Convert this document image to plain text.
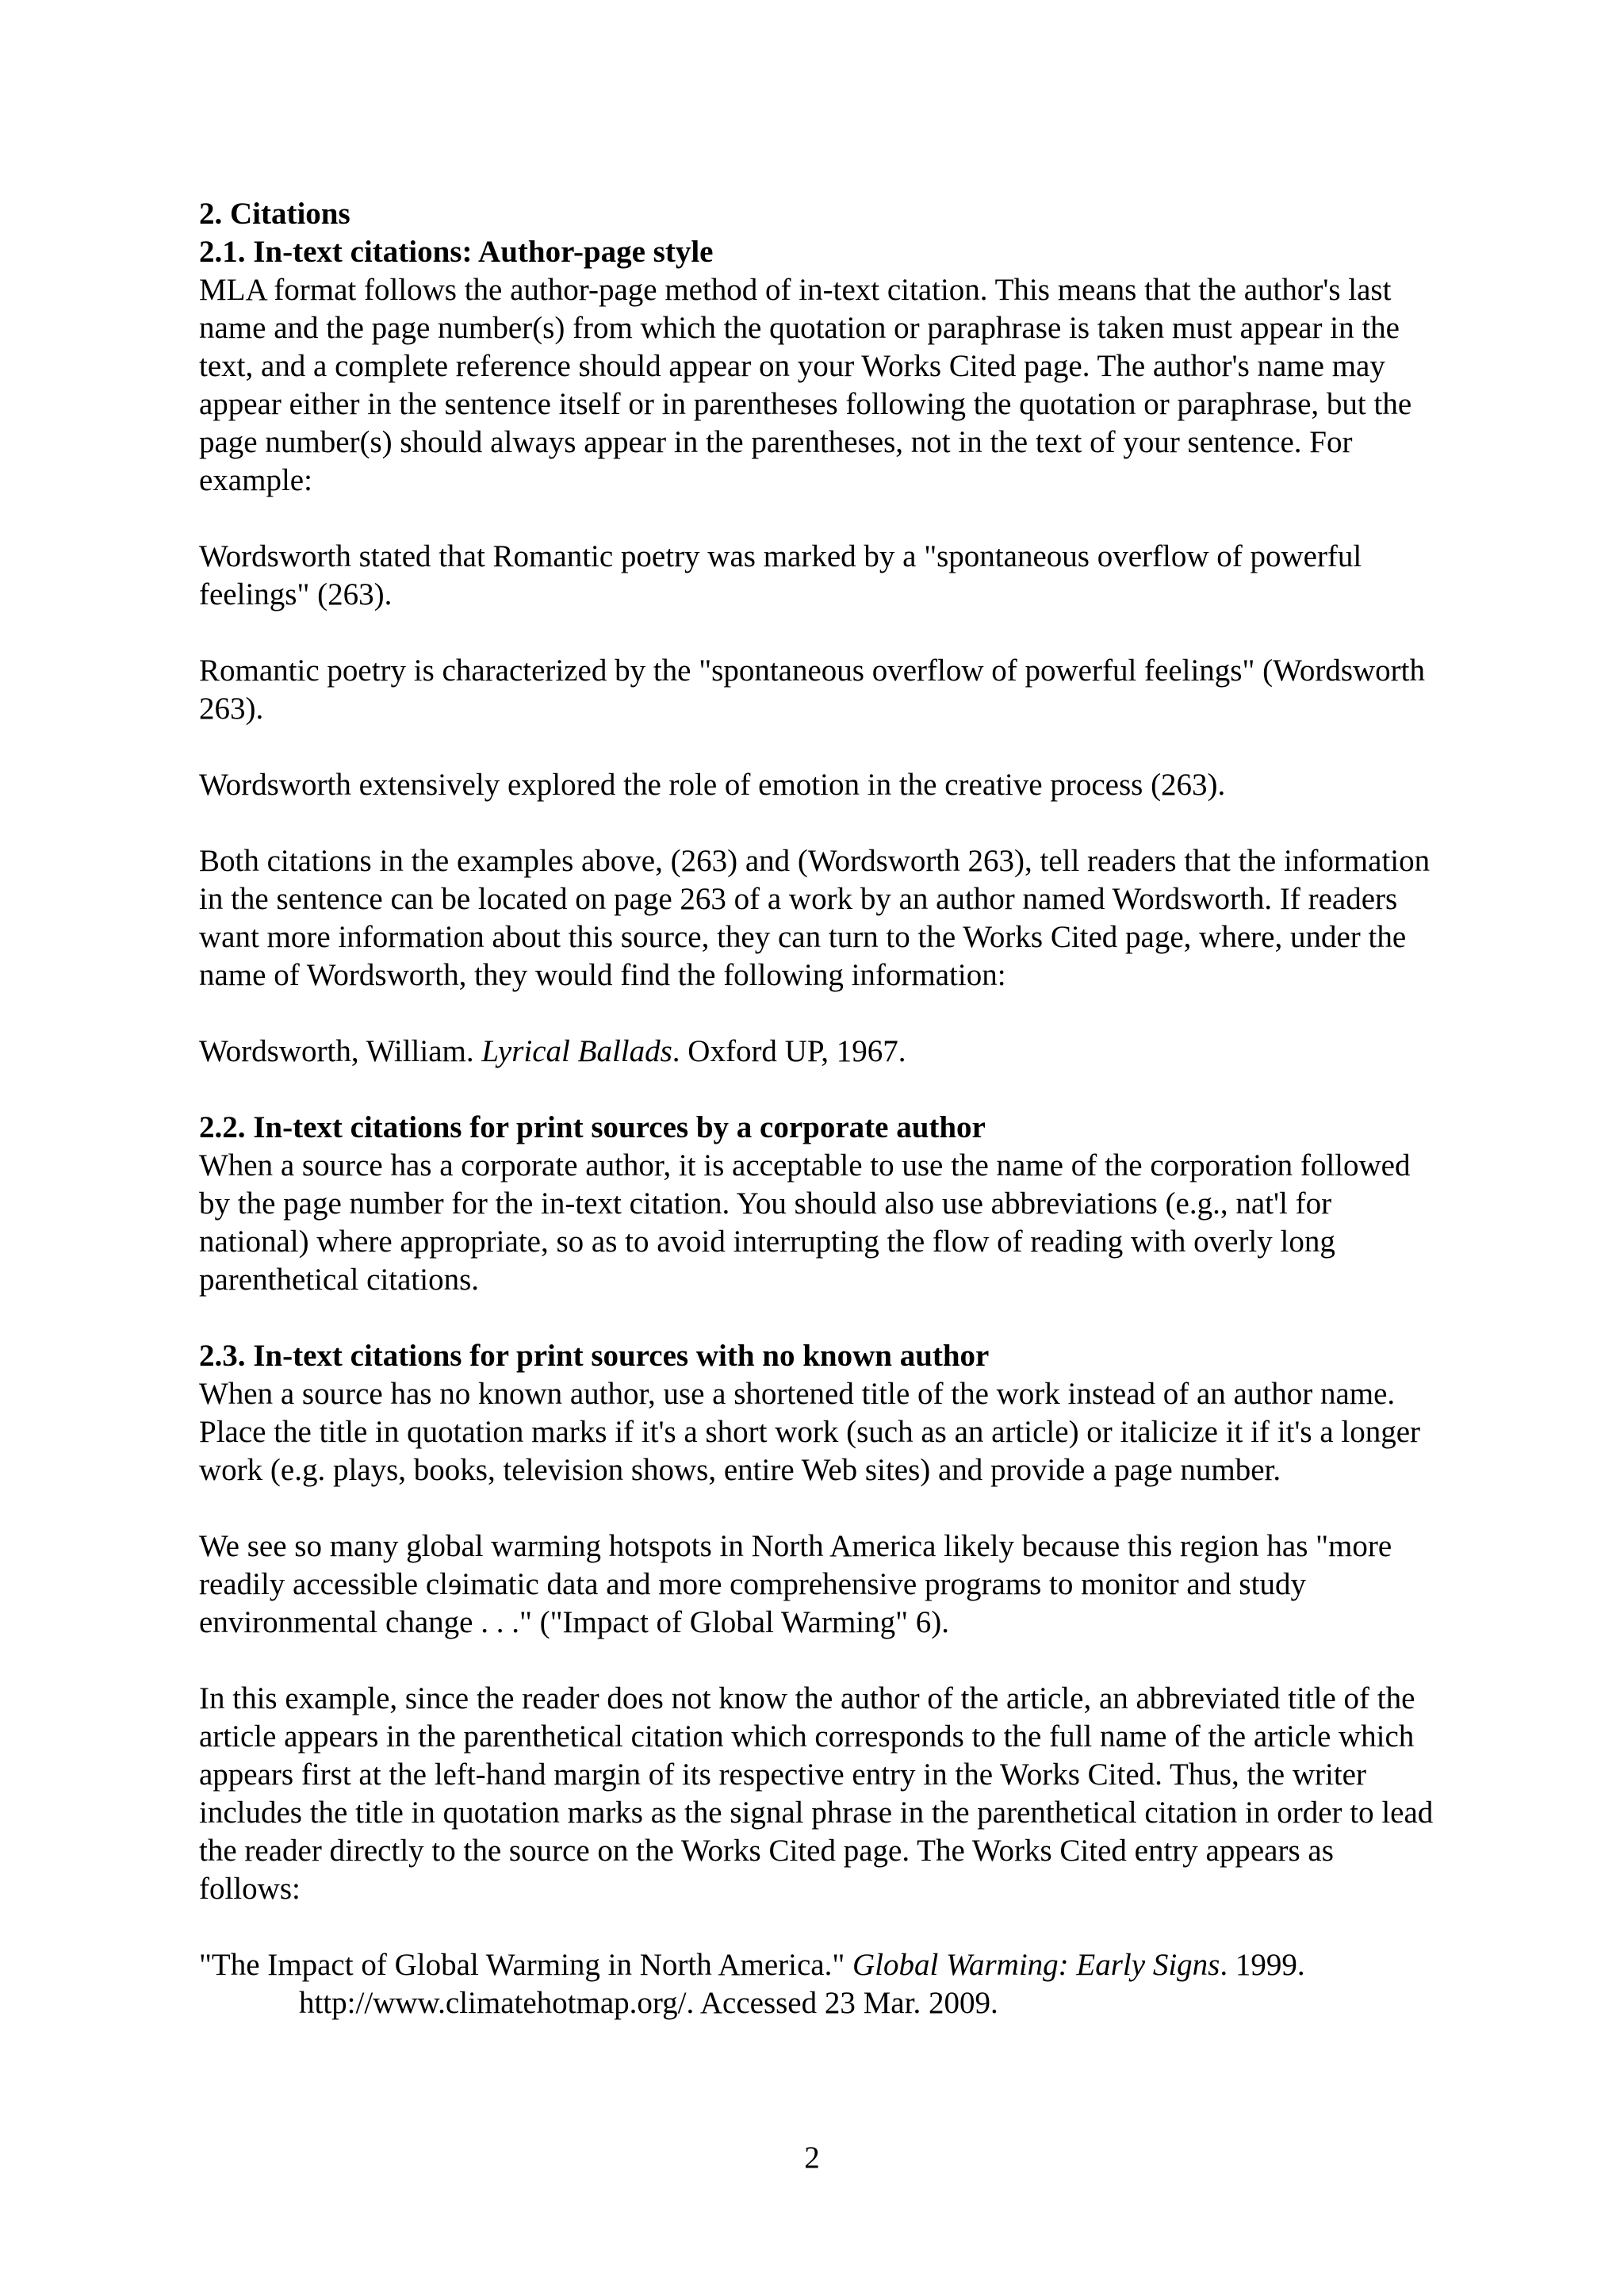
2. Citations

2.1. In-text citations: Author-page style

MLA format follows the author-page method of in-text citation. This means that the author's last name and the page number(s) from which the quotation or paraphrase is taken must appear in the text, and a complete reference should appear on your Works Cited page. The author's name may appear either in the sentence itself or in parentheses following the quotation or paraphrase, but the page number(s) should always appear in the parentheses, not in the text of your sentence. For example:

Wordsworth stated that Romantic poetry was marked by a "spontaneous overflow of powerful feelings" (263).

Romantic poetry is characterized by the "spontaneous overflow of powerful feelings" (Wordsworth 263).

Wordsworth extensively explored the role of emotion in the creative process (263).

Both citations in the examples above, (263) and (Wordsworth 263), tell readers that the information in the sentence can be located on page 263 of a work by an author named Wordsworth. If readers want more information about this source, they can turn to the Works Cited page, where, under the name of Wordsworth, they would find the following information:

Wordsworth, William. Lyrical Ballads. Oxford UP, 1967.

2.2. In-text citations for print sources by a corporate author

When a source has a corporate author, it is acceptable to use the name of the corporation followed by the page number for the in-text citation. You should also use abbreviations (e.g., nat'l for national) where appropriate, so as to avoid interrupting the flow of reading with overly long parenthetical citations.

2.3. In-text citations for print sources with no known author

When a source has no known author, use a shortened title of the work instead of an author name. Place the title in quotation marks if it's a short work (such as an article) or italicize it if it's a longer work (e.g. plays, books, television shows, entire Web sites) and provide a page number.

We see so many global warming hotspots in North America likely because this region has "more readily accessible clɘimatic data and more comprehensive programs to monitor and study environmental change . . ." ("Impact of Global Warming" 6).

In this example, since the reader does not know the author of the article, an abbreviated title of the article appears in the parenthetical citation which corresponds to the full name of the article which appears first at the left-hand margin of its respective entry in the Works Cited. Thus, the writer includes the title in quotation marks as the signal phrase in the parenthetical citation in order to lead the reader directly to the source on the Works Cited page. The Works Cited entry appears as follows:

"The Impact of Global Warming in North America." Global Warming: Early Signs. 1999. http://www.climatehotmap.org/. Accessed 23 Mar. 2009.

2
